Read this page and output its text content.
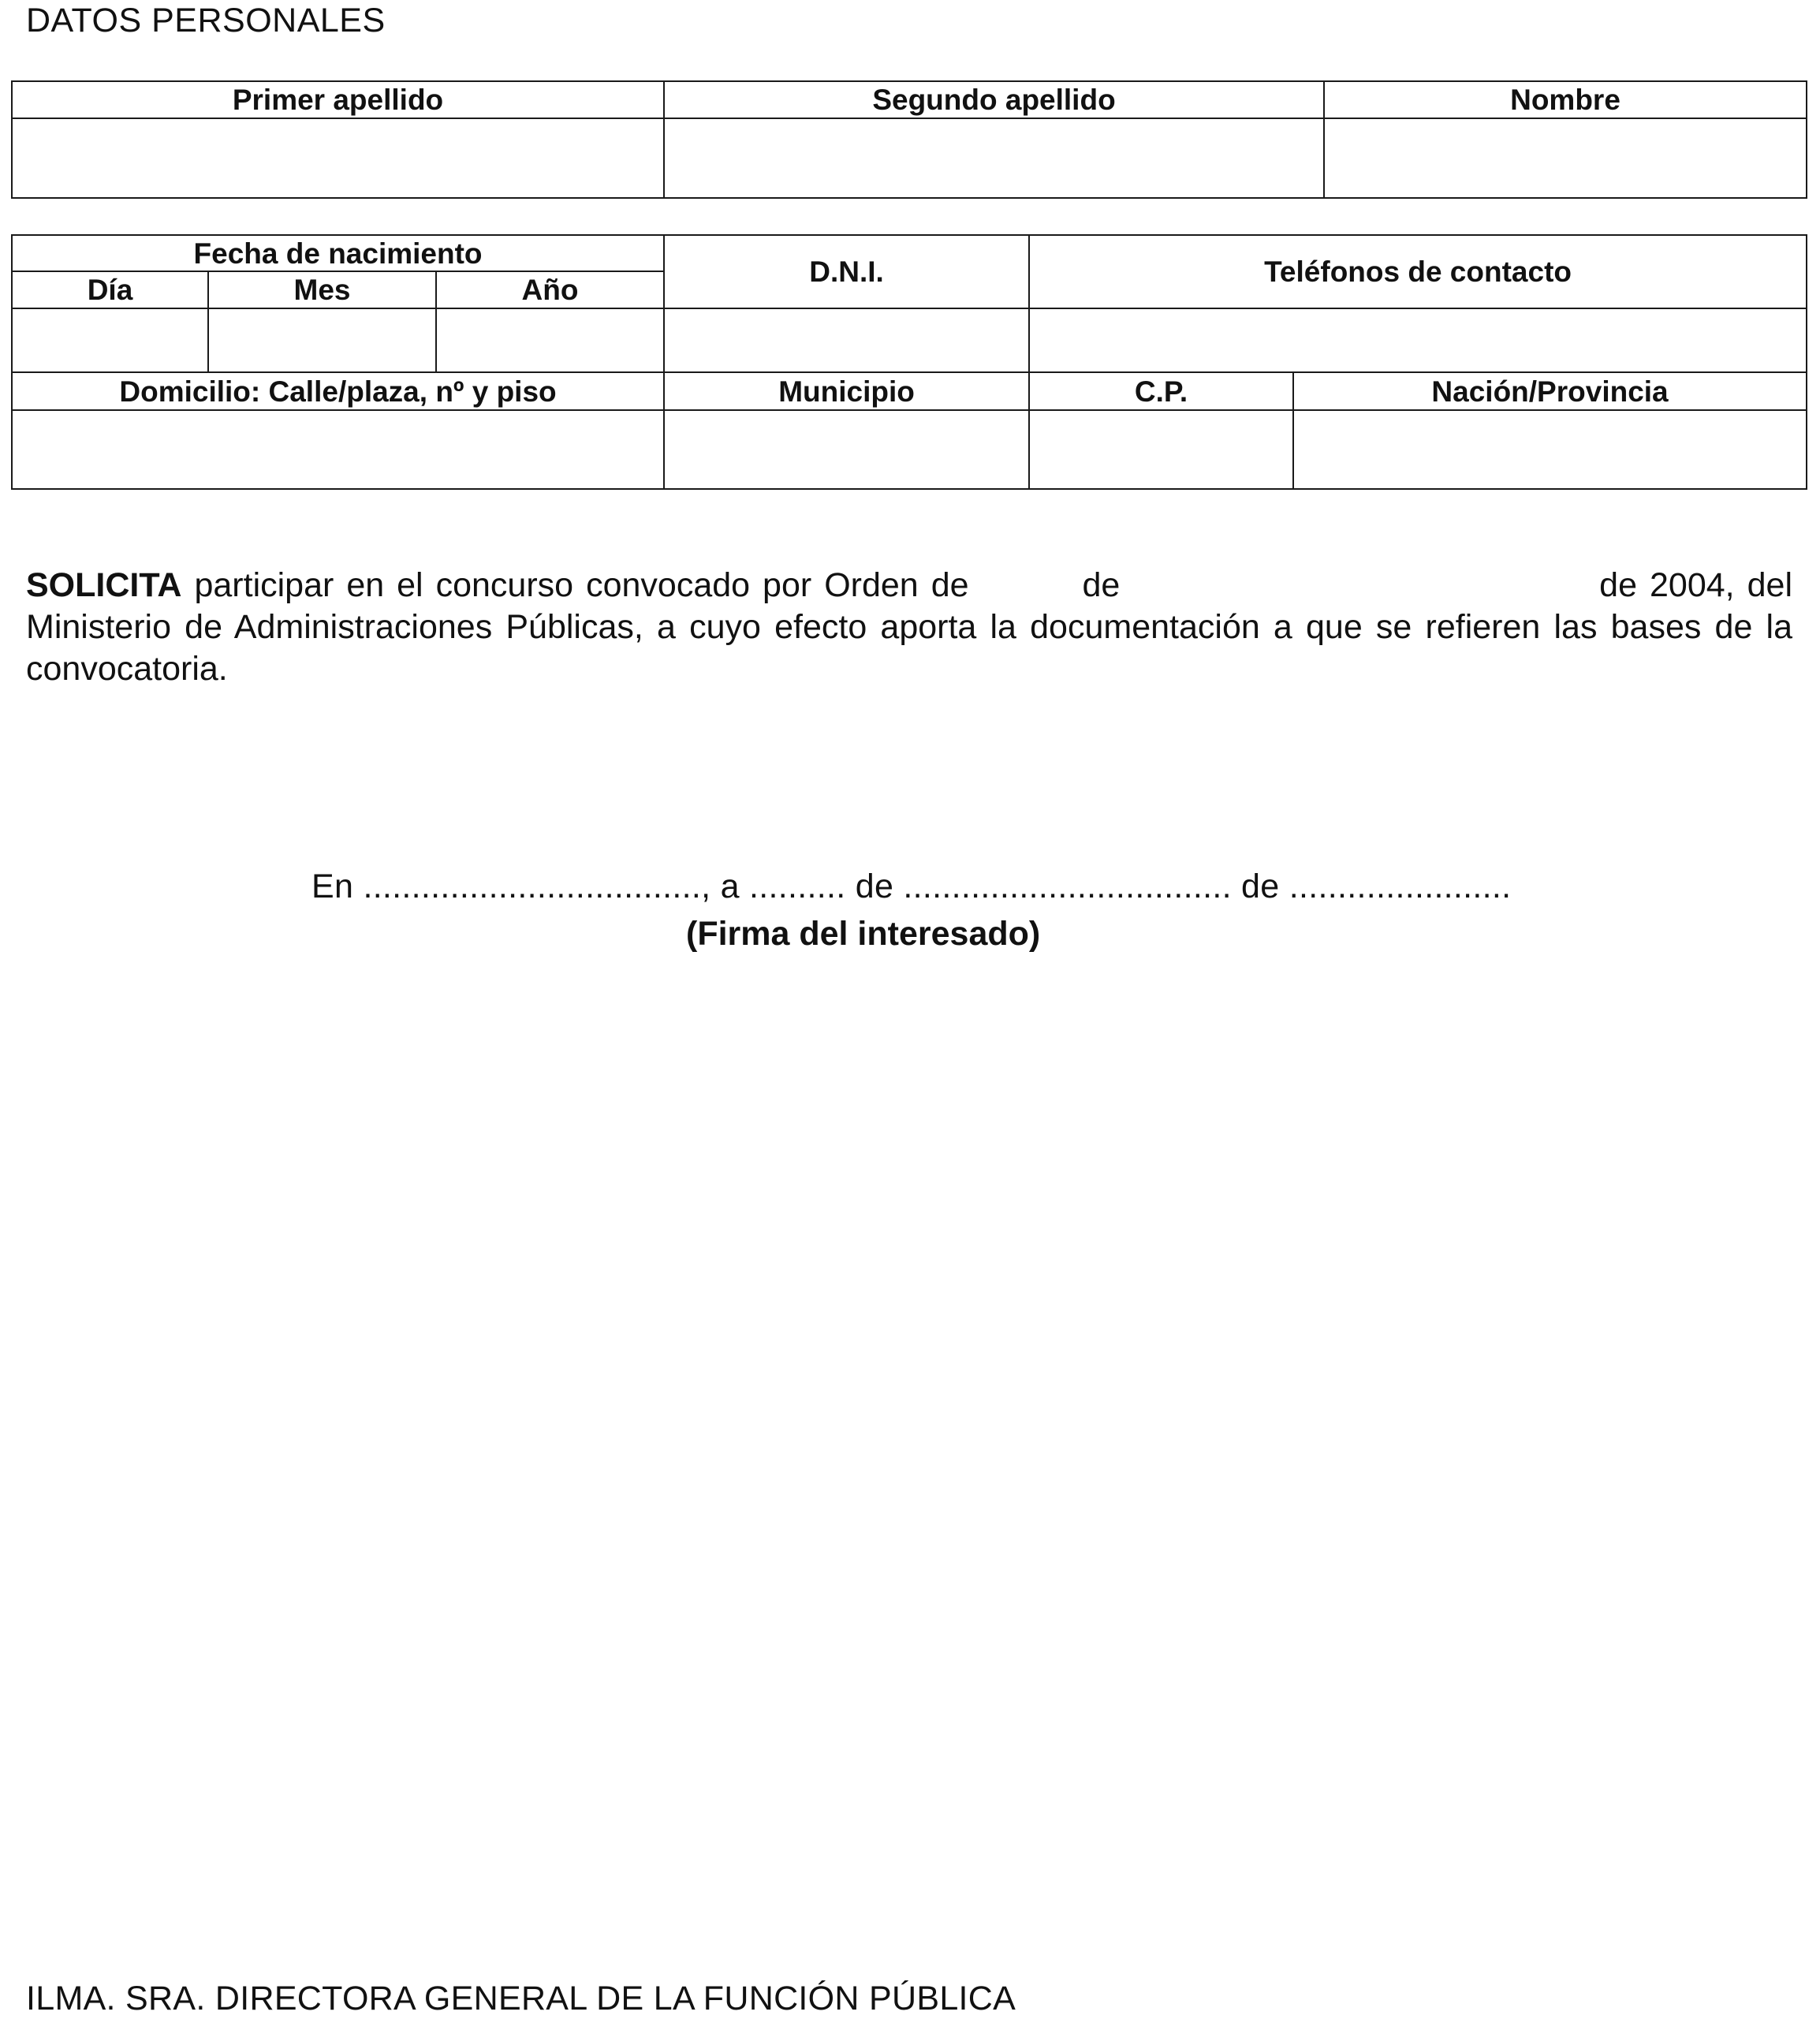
DATOS PERSONALES
Primer apellido	Segundo apellido	Nombre

Fecha de nacimiento			D.N.I.	Teléfonos de contacto	
Día	Mes	Año			

Domicilio: Calle/plaza, nº y piso			Municipio	C.P.	Nación/Provincia

SOLICITA participar en el concurso convocado por Orden de         de                                      de 2004, del Ministerio de Administraciones Públicas, a cuyo efecto aporta la documentación a que se refieren las bases de la convocatoria.
En ..................................., a .......... de .................................. de .......................
(Firma del interesado)
ILMA. SRA. DIRECTORA GENERAL DE LA FUNCIÓN PÚBLICA
